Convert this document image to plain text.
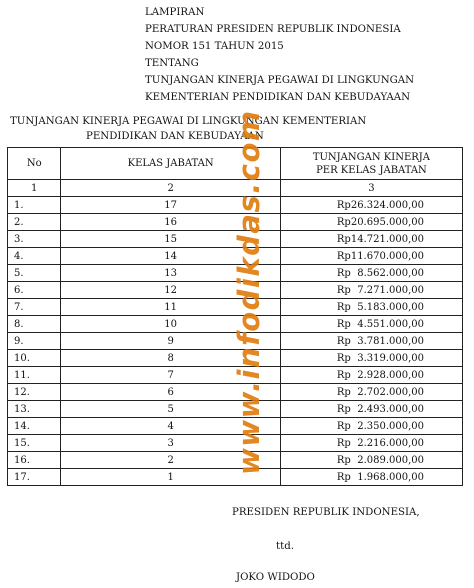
LAMPIRAN
PERATURAN PRESIDEN REPUBLIK INDONESIA
NOMOR 151 TAHUN 2015
TENTANG
TUNJANGAN KINERJA PEGAWAI DI LINGKUNGAN
KEMENTERIAN PENDIDIKAN DAN KEBUDAYAAN
TUNJANGAN KINERJA PEGAWAI DI LINGKUNGAN KEMENTERIAN
PENDIDIKAN DAN KEBUDAYAAN
No	KELAS JABATAN	TUNJANGAN KINERJA
PER KELAS JABATAN

1	2	3
1.	17	Rp 26.324.000,00

2.	16	Rp 20.695.000,00

3.	15	Rp 14.721.000,00

4.	14	Rp 11.670.000,00

5.	13	Rp 8.562.000,00

6.	12	Rp 7.271.000,00

7.	11	Rp 5.183.000,00

8.	10	Rp 4.551.000,00

9.	9	Rp 3.781.000,00

10.	8	Rp 3.319.000,00

11.	7	Rp 2.928.000,00

12.	6	Rp 2.702.000,00

13.	5	Rp 2.493.000,00

14.	4	Rp 2.350.000,00

15.	3	Rp 2.216.000,00

16.	2	Rp 2.089.000,00

17.	1	Rp 1.968.000,00
www.infodikdas.com
PRESIDEN REPUBLIK INDONESIA,
ttd.
JOKO WIDODO
